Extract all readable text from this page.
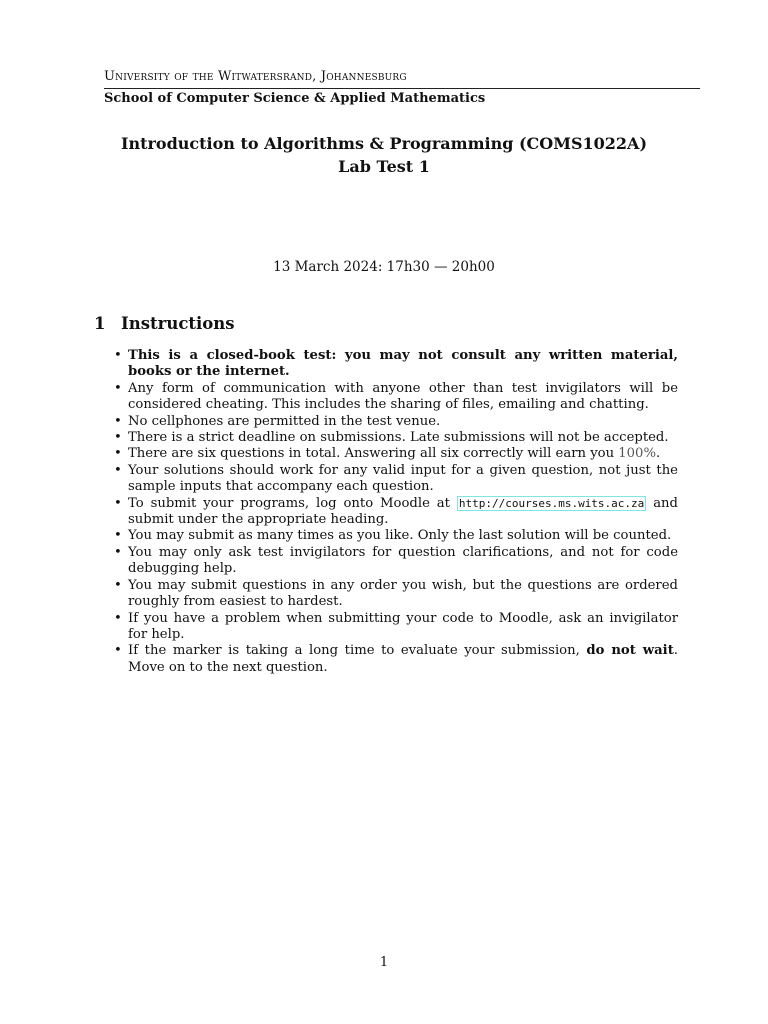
University of the Witwatersrand, Johannesburg
School of Computer Science & Applied Mathematics
Introduction to Algorithms & Programming (COMS1022A)
Lab Test 1
13 March 2024: 17h30 — 20h00
1 Instructions
• This is a closed-book test: you may not consult any written material, books or the internet.
• Any form of communication with anyone other than test invigilators will be considered cheating. This includes the sharing of files, emailing and chatting.
• No cellphones are permitted in the test venue.
• There is a strict deadline on submissions. Late submissions will not be accepted.
• There are six questions in total. Answering all six correctly will earn you 100%.
• Your solutions should work for any valid input for a given question, not just the sample inputs that accompany each question.
• To submit your programs, log onto Moodle at http://courses.ms.wits.ac.za and submit under the appropriate heading.
• You may submit as many times as you like. Only the last solution will be counted.
• You may only ask test invigilators for question clarifications, and not for code debugging help.
• You may submit questions in any order you wish, but the questions are ordered roughly from easiest to hardest.
• If you have a problem when submitting your code to Moodle, ask an invigilator for help.
• If the marker is taking a long time to evaluate your submission, do not wait. Move on to the next question.
1
